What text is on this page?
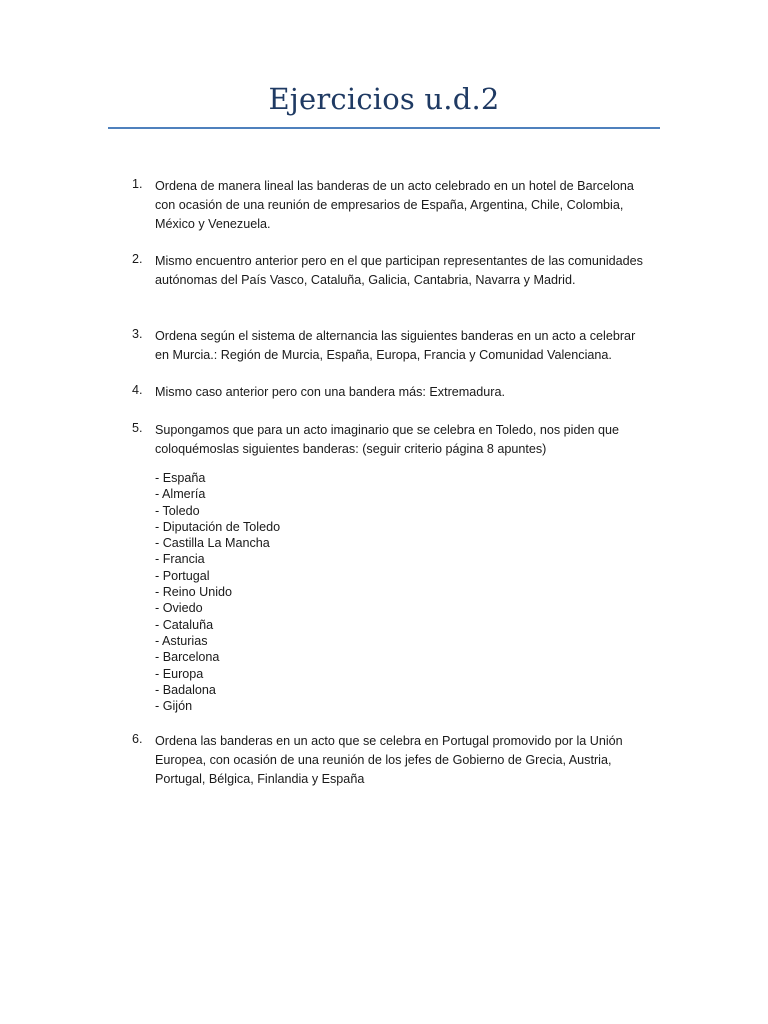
Ejercicios u.d.2
1. Ordena de manera lineal las banderas de un acto celebrado en un hotel de Barcelona con ocasión de una reunión de empresarios de España, Argentina, Chile, Colombia, México y Venezuela.
2. Mismo encuentro anterior pero en el que participan representantes de las comunidades autónomas del País Vasco, Cataluña, Galicia, Cantabria, Navarra y Madrid.
3. Ordena según el sistema de alternancia las siguientes banderas en un acto a celebrar en Murcia.: Región de Murcia, España, Europa, Francia y Comunidad Valenciana.
4. Mismo caso anterior pero con una bandera más: Extremadura.
5. Supongamos que para un acto imaginario que se celebra en Toledo, nos piden que coloquémoslas siguientes banderas: (seguir criterio página 8 apuntes)
6. Ordena las banderas en un acto que se celebra en Portugal promovido por la Unión Europea, con ocasión de una reunión de los jefes de Gobierno de Grecia, Austria, Portugal, Bélgica, Finlandia y España
- España
- Almería
- Toledo
- Diputación de Toledo
- Castilla La Mancha
- Francia
- Portugal
- Reino Unido
- Oviedo
- Cataluña
- Asturias
- Barcelona
- Europa
- Badalona
- Gijón
